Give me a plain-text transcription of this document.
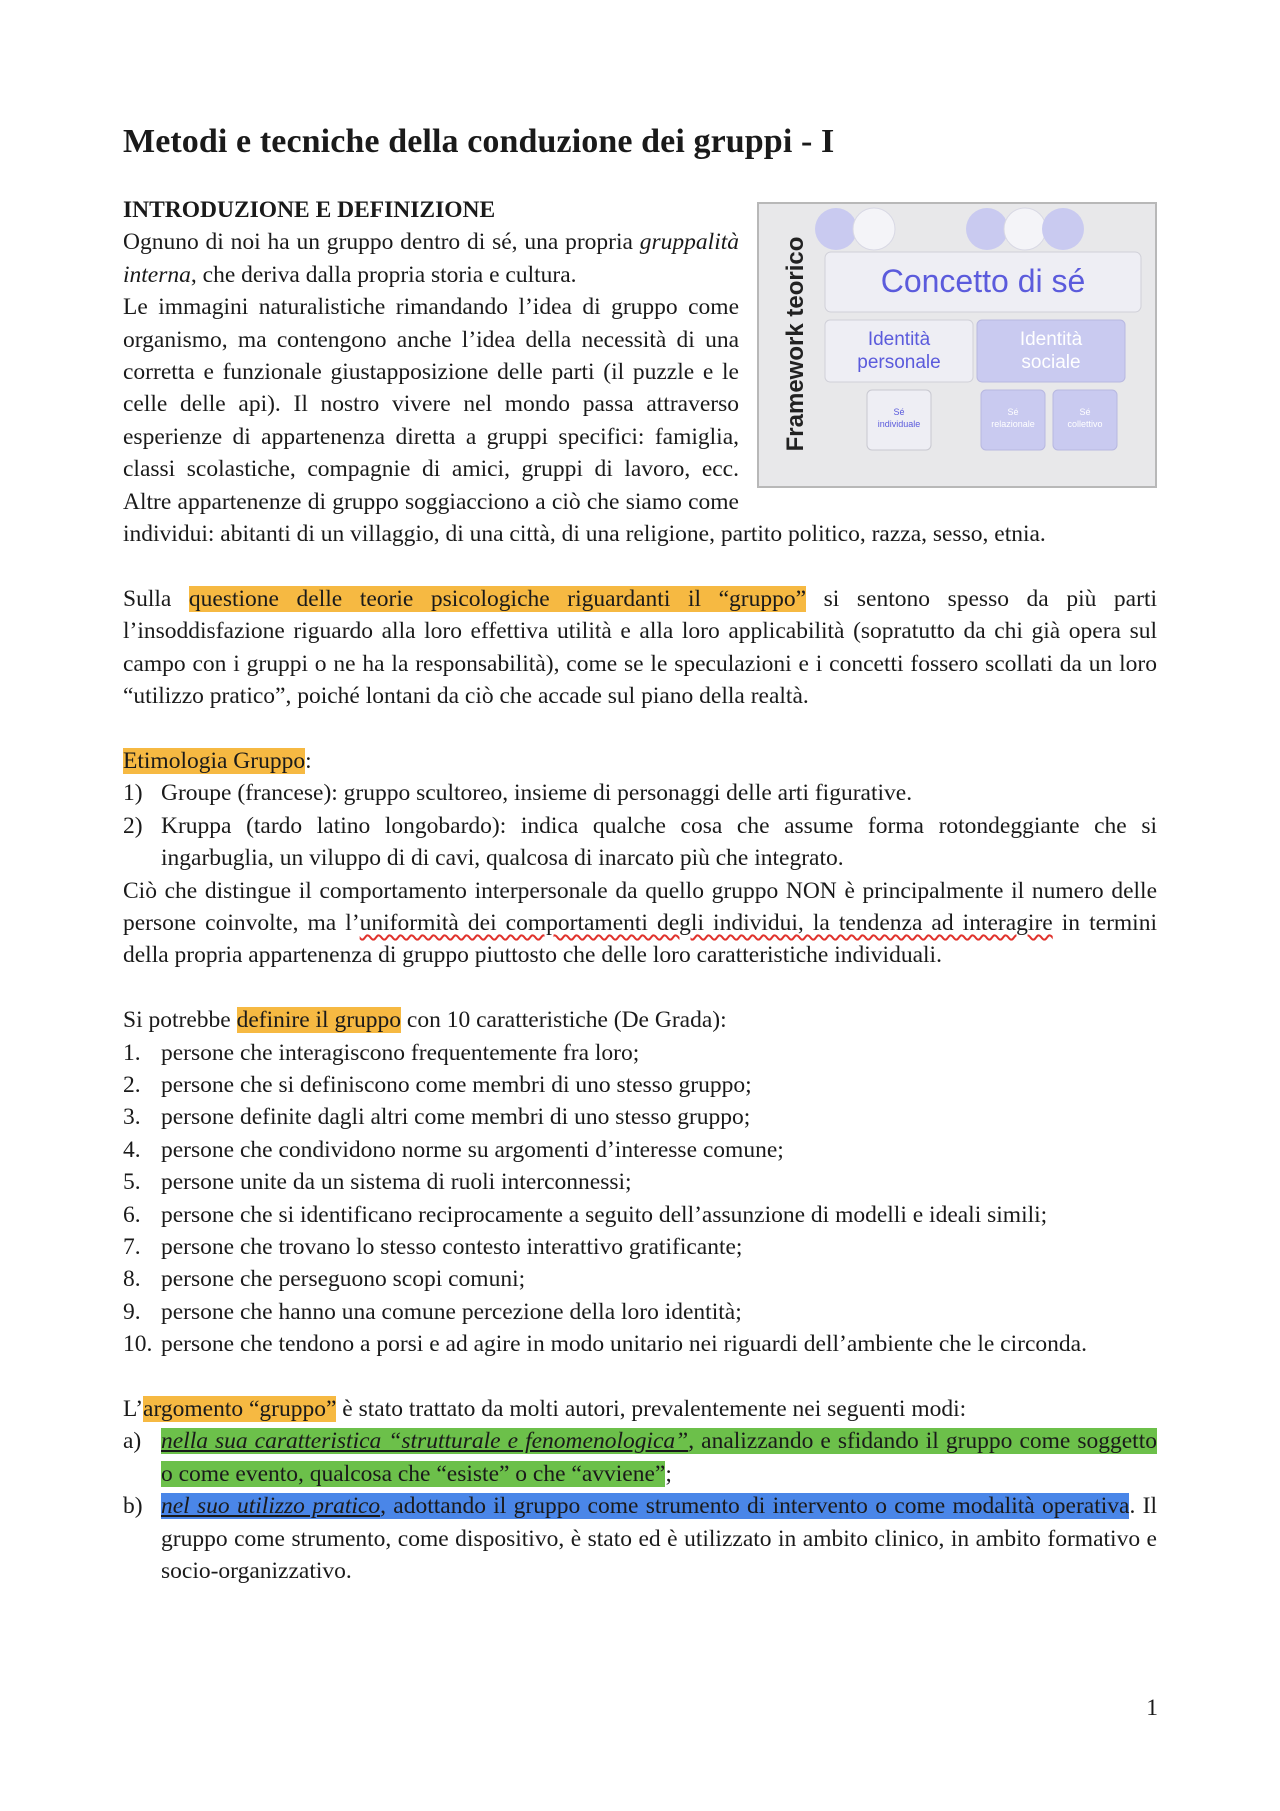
Metodi e tecniche della conduzione dei gruppi - I
Framework teorico Concetto di sé
Identità
personale
Identità
sociale
Sé
individuale
Sé
relazionale
Sé
collettivo
INTRODUZIONE E DEFINIZIONE

Ognuno di noi ha un gruppo dentro di sé, una propria gruppalità interna, che deriva dalla propria storia e cultura.

Le immagini naturalistiche rimandando l’idea di gruppo come organismo, ma contengono anche l’idea della necessità di una corretta e funzionale giustapposizione delle parti (il puzzle e le celle delle api). Il nostro vivere nel mondo passa attraverso esperienze di appartenenza diretta a gruppi specifici: famiglia, classi scolastiche, compagnie di amici, gruppi di lavoro, ecc. Altre appartenenze di gruppo soggiacciono a ciò che siamo come individui: abitanti di un villaggio, di una città, di una religione, partito politico, razza, sesso, etnia.

Sulla questione delle teorie psicologiche riguardanti il “gruppo” si sentono spesso da più parti l’insoddisfazione riguardo alla loro effettiva utilità e alla loro applicabilità (sopratutto da chi già opera sul campo con i gruppi o ne ha la responsabilità), come se le speculazioni e i concetti fossero scollati da un loro “utilizzo pratico”, poiché lontani da ciò che accade sul piano della realtà.

Etimologia Gruppo:

1) Groupe (francese): gruppo scultoreo, insieme di personaggi delle arti figurative.
2) Kruppa (tardo latino longobardo): indica qualche cosa che assume forma rotondeggiante che si ingarbuglia, un viluppo di di cavi, qualcosa di inarcato più che integrato.

Ciò che distingue il comportamento interpersonale da quello gruppo NON è principalmente il numero delle persone coinvolte, ma l’uniformità dei comportamenti degli individui, la tendenza ad interagire in termini della propria appartenenza di gruppo piuttosto che delle loro caratteristiche individuali.

Si potrebbe definire il gruppo con 10 caratteristiche (De Grada):

1. persone che interagiscono frequentemente fra loro;
2. persone che si definiscono come membri di uno stesso gruppo;
3. persone definite dagli altri come membri di uno stesso gruppo;
4. persone che condividono norme su argomenti d’interesse comune;
5. persone unite da un sistema di ruoli interconnessi;
6. persone che si identificano reciprocamente a seguito dell’assunzione di modelli e ideali simili;
7. persone che trovano lo stesso contesto interattivo gratificante;
8. persone che perseguono scopi comuni;
9. persone che hanno una comune percezione della loro identità;
10. persone che tendono a porsi e ad agire in modo unitario nei riguardi dell’ambiente che le circonda.

L’argomento “gruppo” è stato trattato da molti autori, prevalentemente nei seguenti modi:

a) nella sua caratteristica “strutturale e fenomenologica”, analizzando e sfidando il gruppo come soggetto o come evento, qualcosa che “esiste” o che “avviene”;
b) nel suo utilizzo pratico, adottando il gruppo come strumento di intervento o come modalità operativa. Il gruppo come strumento, come dispositivo, è stato ed è utilizzato in ambito clinico, in ambito formativo e socio-organizzativo.
1
